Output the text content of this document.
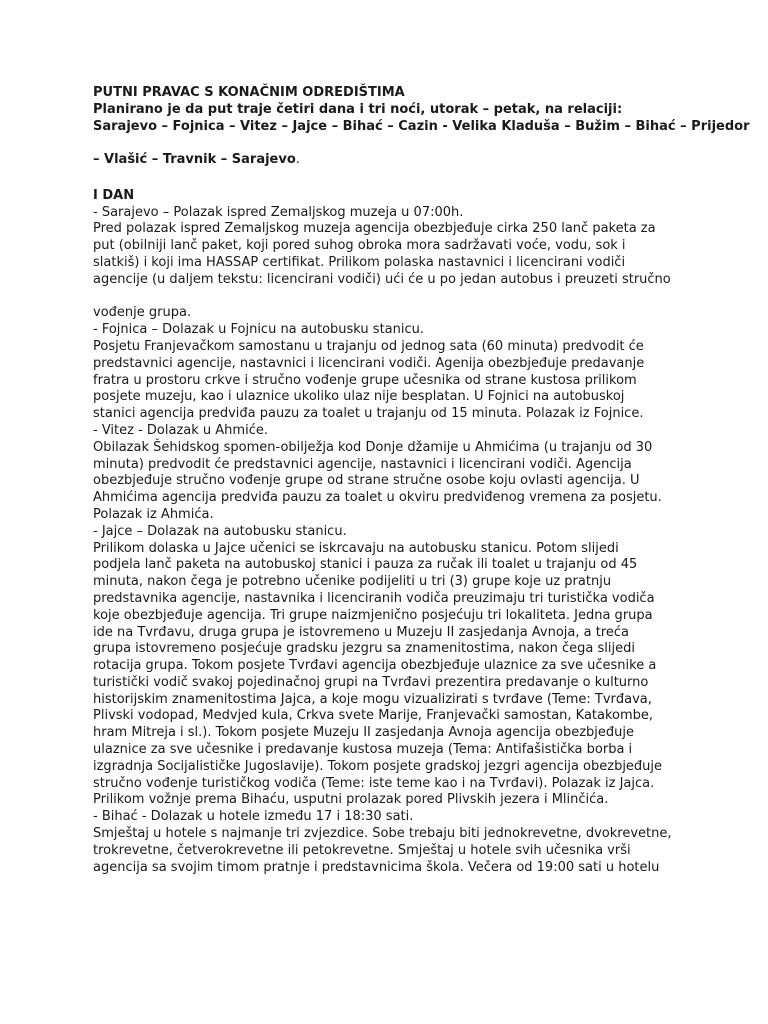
PUTNI PRAVAC S KONAČNIM ODREDIŠTIMA
Planirano je da put traje četiri dana i tri noći, utorak – petak, na relaciji:
Sarajevo – Fojnica – Vitez – Jajce – Bihać – Cazin - Velika Kladuša – Bužim – Bihać – Prijedor
– Vlašić – Travnik – Sarajevo.
I DAN
- Sarajevo – Polazak ispred Zemaljskog muzeja u 07:00h.
Pred polazak ispred Zemaljskog muzeja agencija obezbjeđuje cirka 250 lanč paketa za
put (obilniji lanč paket, koji pored suhog obroka mora sadržavati voće, vodu, sok i
slatkiš) i koji ima HASSAP certifikat. Prilikom polaska nastavnici i licencirani vodiči
agencije (u daljem tekstu: licencirani vodiči) ući će u po jedan autobus i preuzeti stručno
vođenje grupa.
- Fojnica – Dolazak u Fojnicu na autobusku stanicu.
Posjetu Franjevačkom samostanu u trajanju od jednog sata (60 minuta) predvodit će
predstavnici agencije, nastavnici i licencirani vodiči. Agenija obezbjeđuje predavanje
fratra u prostoru crkve i stručno vođenje grupe učesnika od strane kustosa prilikom
posjete muzeju, kao i ulaznice ukoliko ulaz nije besplatan. U Fojnici na autobuskoj
stanici agencija predviđa pauzu za toalet u trajanju od 15 minuta. Polazak iz Fojnice.
- Vitez - Dolazak u Ahmiće.
Obilazak Šehidskog spomen-obilježja kod Donje džamije u Ahmićima (u trajanju od 30
minuta) predvodit će predstavnici agencije, nastavnici i licencirani vodiči. Agencija
obezbjeđuje stručno vođenje grupe od strane stručne osobe koju ovlasti agencija. U
Ahmićima agencija predviđa pauzu za toalet u okviru predviđenog vremena za posjetu.
Polazak iz Ahmića.
- Jajce – Dolazak na autobusku stanicu.
Prilikom dolaska u Jajce učenici se iskrcavaju na autobusku stanicu. Potom slijedi
podjela lanč paketa na autobuskoj stanici i pauza za ručak ili toalet u trajanju od 45
minuta, nakon čega je potrebno učenike podijeliti u tri (3) grupe koje uz pratnju
predstavnika agencije, nastavnika i licenciranih vodiča preuzimaju tri turistička vodiča
koje obezbjeđuje agencija. Tri grupe naizmjenično posjećuju tri lokaliteta. Jedna grupa
ide na Tvrđavu, druga grupa je istovremeno u Muzeju II zasjedanja Avnoja, a treća
grupa istovremeno posjećuje gradsku jezgru sa znamenitostima, nakon čega slijedi
rotacija grupa. Tokom posjete Tvrđavi agencija obezbjeđuje ulaznice za sve učesnike a
turistički vodič svakoj pojedinačnoj grupi na Tvrđavi prezentira predavanje o kulturno
historijskim znamenitostima Jajca, a koje mogu vizualizirati s tvrđave (Teme: Tvrđava,
Plivski vodopad, Medvjed kula, Crkva svete Marije, Franjevački samostan, Katakombe,
hram Mitreja i sl.). Tokom posjete Muzeju II zasjedanja Avnoja agencija obezbjeđuje
ulaznice za sve učesnike i predavanje kustosa muzeja (Tema: Antifašistička borba i
izgradnja Socijalističke Jugoslavije). Tokom posjete gradskoj jezgri agencija obezbjeđuje
stručno vođenje turističkog vodiča (Teme: iste teme kao i na Tvrđavi). Polazak iz Jajca.
Prilikom vožnje prema Bihaću, usputni prolazak pored Plivskih jezera i Mlinčića.
- Bihać - Dolazak u hotele između 17 i 18:30 sati.
Smještaj u hotele s najmanje tri zvjezdice. Sobe trebaju biti jednokrevetne, dvokrevetne,
trokrevetne, četverokrevetne ili petokrevetne. Smještaj u hotele svih učesnika vrši
agencija sa svojim timom pratnje i predstavnicima škola. Večera od 19:00 sati u hotelu
